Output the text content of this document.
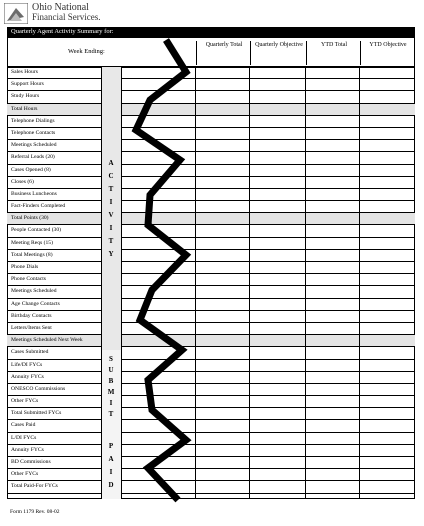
Ohio National
Financial Services.
Quarterly Agent Activity Summary for:
Week Ending:
Quarterly Total	Quarterly Objective	YTD Total	YTD Objective
Sales Hours
Support Hours
Study Hours
Total Hours
Telephone Dialings
Telephone Contacts
Meetings Scheduled
Referral Leads (20)
Cases Opened (8)
Closes (6)
Business Luncheons
Fact-Finders Completed
Total Points (30)
People Contacted (30)
Meeting Reqs (15)
Total Meetings (8)
Phone Dials
Phone Contacts
Meetings Scheduled
Age Change Contacts
Birthday Contacts
Letters/Items Sent
Meetings Scheduled Next Week
Cases Submitted
Life/DI FYCs
Annuity FYCs
ONESCO Commissions
Other FYCs
Total Submitted FYCs
Cases Paid
L/DI FYCs
Annuity FYCs
BD Commissions
Other FYCs
Total Paid-For FYCs
A C T I V I T Y
S U B M I T
P A I D
Form 1179 Rev. 08-02
